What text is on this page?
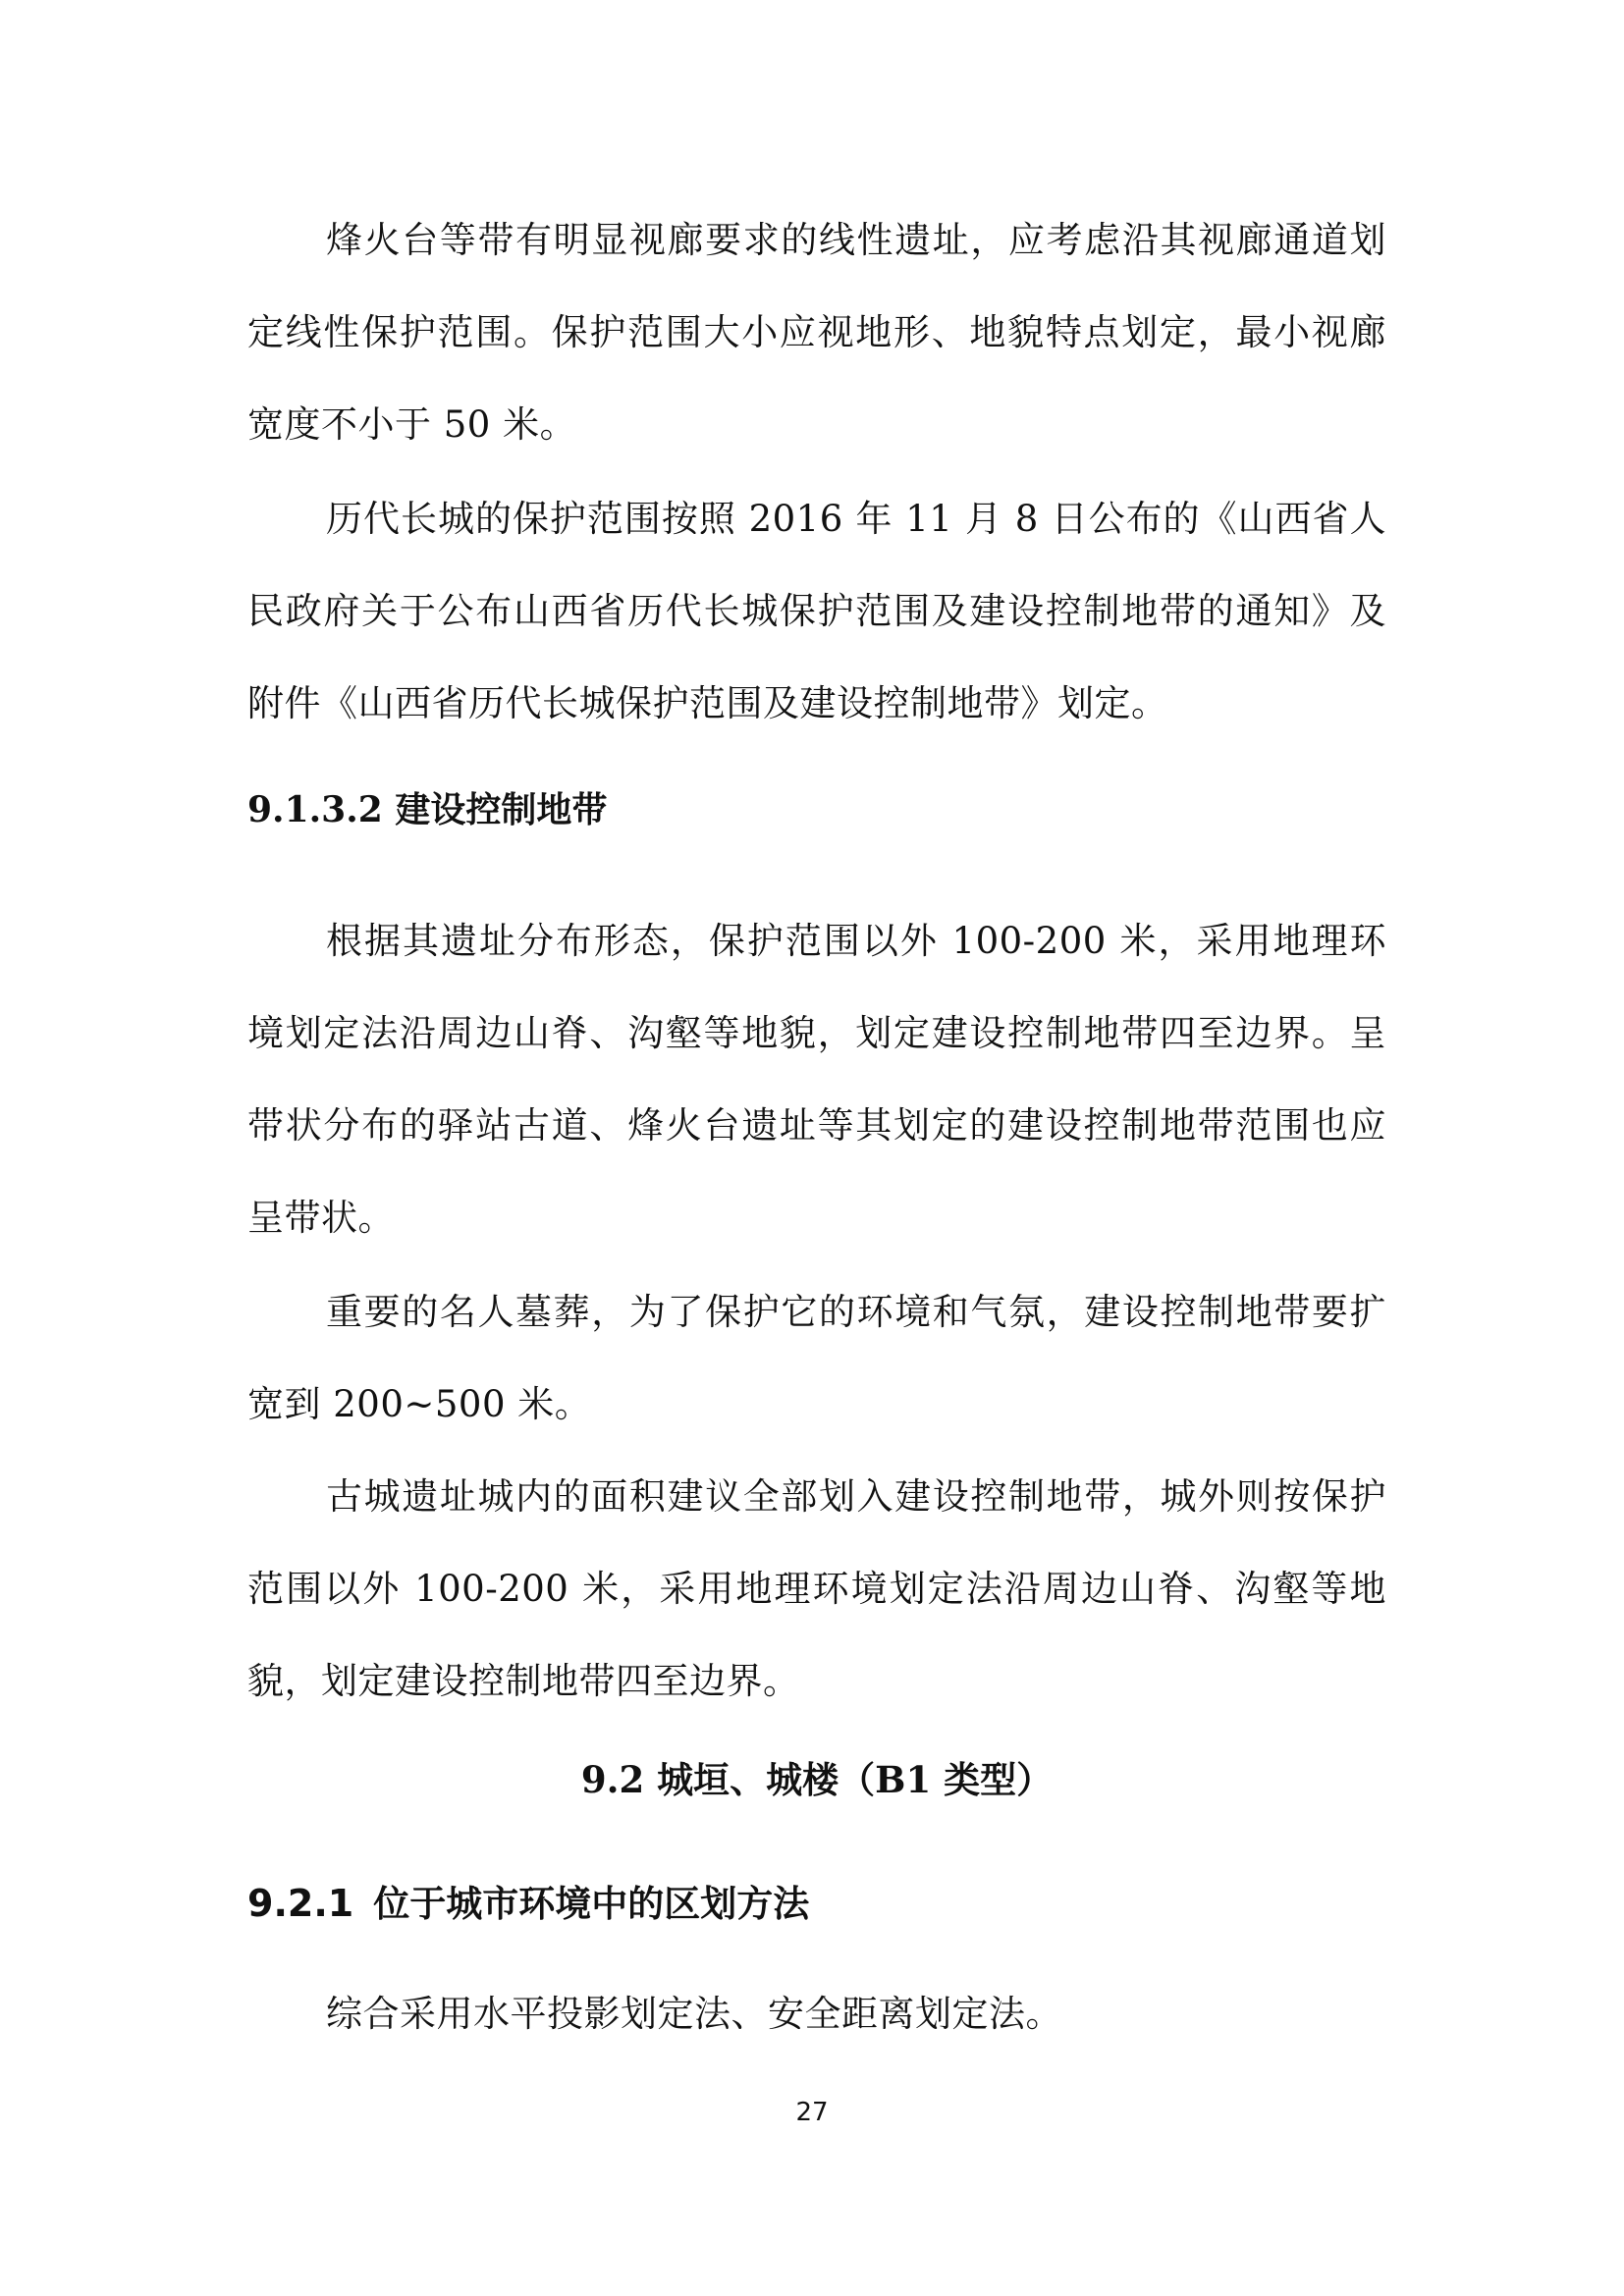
烽火台等带有明显视廊要求的线性遗址，应考虑沿其视廊通道划定线性保护范围。保护范围大小应视地形、地貌特点划定，最小视廊宽度不小于 50 米。

历代长城的保护范围按照 2016 年 11 月 8 日公布的《山西省人民政府关于公布山西省历代长城保护范围及建设控制地带的通知》及附件《山西省历代长城保护范围及建设控制地带》划定。

9.1.3.2 建设控制地带

根据其遗址分布形态，保护范围以外 100-200 米，采用地理环境划定法沿周边山脊、沟壑等地貌，划定建设控制地带四至边界。呈带状分布的驿站古道、烽火台遗址等其划定的建设控制地带范围也应呈带状。

重要的名人墓葬，为了保护它的环境和气氛，建设控制地带要扩宽到 200~500 米。

古城遗址城内的面积建议全部划入建设控制地带，城外则按保护范围以外 100-200 米，采用地理环境划定法沿周边山脊、沟壑等地貌，划定建设控制地带四至边界。

9.2 城垣、城楼（B1 类型）
9.2.1 位于城市环境中的区划方法

综合采用水平投影划定法、安全距离划定法。

27
